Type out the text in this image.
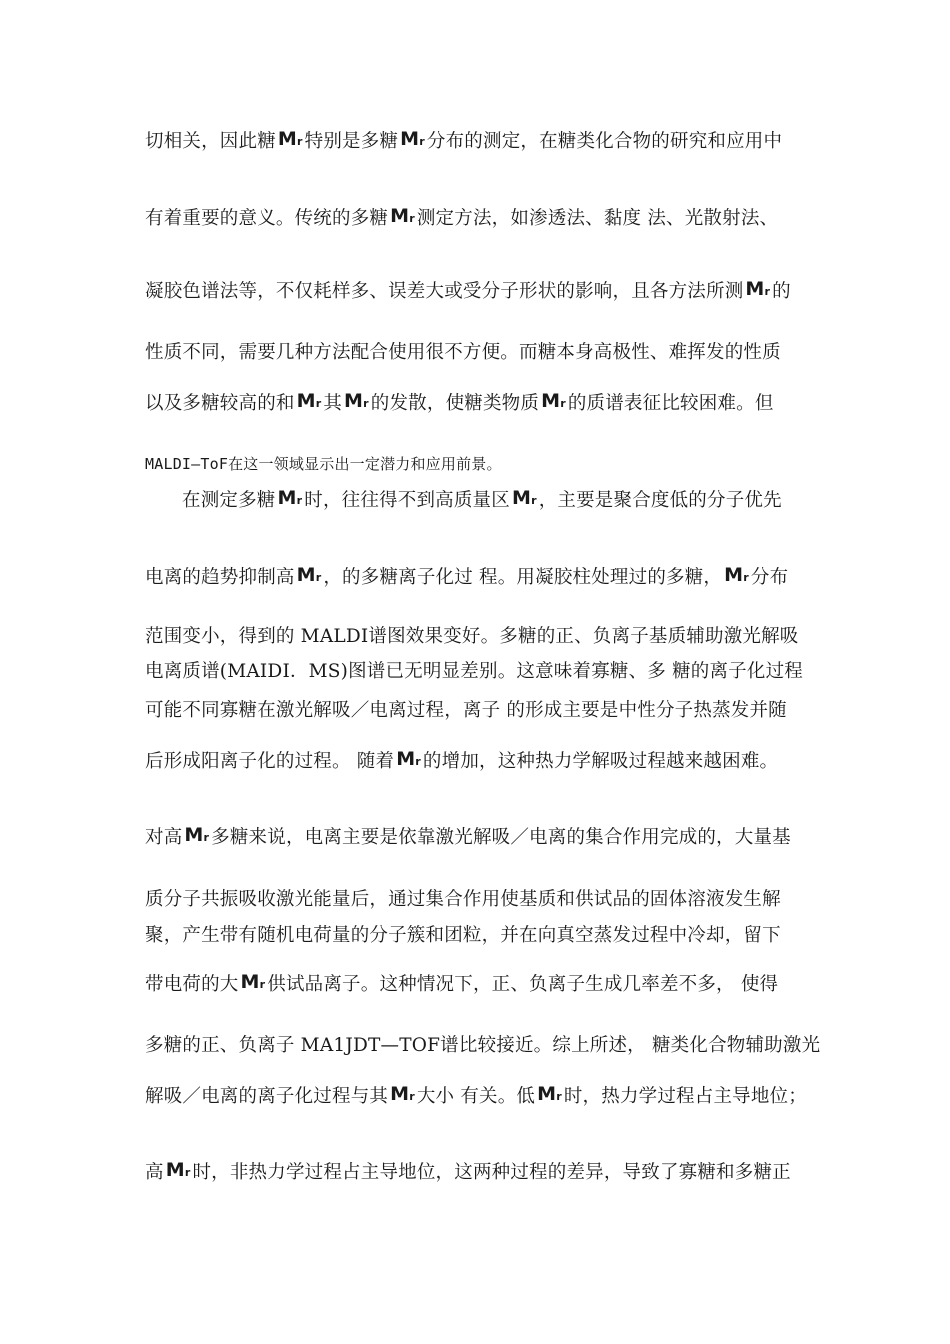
切相关，因此糖 Mr 特别是多糖 Mr 分布的测定，在糖类化合物的研究和应用中
有着重要的意义。传统的多糖 Mr 测定方法，如渗透法、黏度 法、光散射法、
凝胶色谱法等，不仅耗样多、误差大或受分子形状的影响，且各方法所测 Mr 的
性质不同，需要几种方法配合使用很不方便。而糖本身高极性、难挥发的性质
以及多糖较高的和 Mr 其 Mr 的发散，使糖类物质 Mr 的质谱表征比较困难。但
MALDI—ToF在这一领域显示出一定潜力和应用前景。
在测定多糖 Mr 时，往往得不到高质量区 Mr ，主要是聚合度低的分子优先
电离的趋势抑制高 Mr ，的多糖离子化过 程。用凝胶柱处理过的多糖， Mr 分布
范围变小，得到的 MALDI谱图效果变好。多糖的正、负离子基质辅助激光解吸
电离质谱(MAIDI．MS)图谱已无明显差别。这意味着寡糖、多 糖的离子化过程
可能不同寡糖在激光解吸／电离过程，离子 的形成主要是中性分子热蒸发并随
后形成阳离子化的过程。 随着 Mr 的增加，这种热力学解吸过程越来越困难。
对高 Mr 多糖来说，电离主要是依靠激光解吸／电离的集合作用完成的，大量基
质分子共振吸收激光能量后，通过集合作用使基质和供试品的固体溶液发生解
聚，产生带有随机电荷量的分子簇和团粒，并在向真空蒸发过程中冷却，留下
带电荷的大 Mr 供试品离子。这种情况下，正、负离子生成几率差不多， 使得
多糖的正、负离子 MA1JDT—TOF谱比较接近。综上所述， 糖类化合物辅助激光
解吸／电离的离子化过程与其 Mr 大小 有关。低 Mr 时，热力学过程占主导地位；
高 Mr 时，非热力学过程占主导地位，这两种过程的差异，导致了寡糖和多糖正
